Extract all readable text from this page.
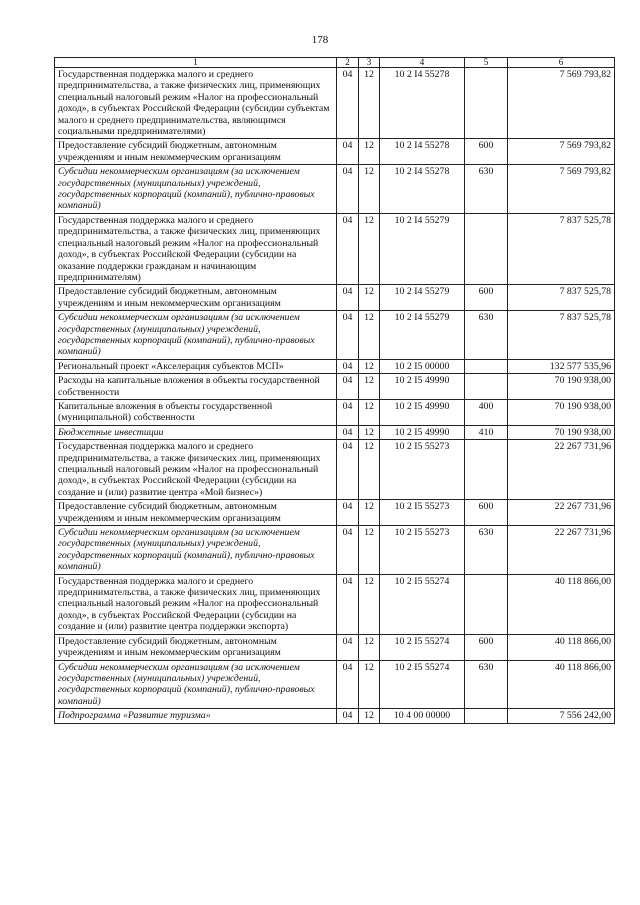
178
1	2	3	4	5	6
Государственная поддержка малого и среднего предпринимательства, а также физических лиц, применяющих специальный налоговый режим «Налог на профессиональный доход», в субъектах Российской Федерации (субсидии субъектам малого и среднего предпринимательства, являющимся социальными предпринимателями)	04	12	10 2 I4 55278		7 569 793,82
Предоставление субсидий бюджетным, автономным учреждениям и иным некоммерческим организациям	04	12	10 2 I4 55278	600	7 569 793,82
Субсидии некоммерческим организациям (за исключением государственных (муниципальных) учреждений, государственных корпораций (компаний), публично-правовых компаний)	04	12	10 2 I4 55278	630	7 569 793,82
Государственная поддержка малого и среднего предпринимательства, а также физических лиц, применяющих специальный налоговый режим «Налог на профессиональный доход», в субъектах Российской Федерации (субсидии на оказание поддержки гражданам и начинающим предпринимателям)	04	12	10 2 I4 55279		7 837 525,78
Предоставление субсидий бюджетным, автономным учреждениям и иным некоммерческим организациям	04	12	10 2 I4 55279	600	7 837 525,78
Субсидии некоммерческим организациям (за исключением государственных (муниципальных) учреждений, государственных корпораций (компаний), публично-правовых компаний)	04	12	10 2 I4 55279	630	7 837 525,78
Региональный проект «Акселерация субъектов МСП»	04	12	10 2 I5 00000		132 577 535,96
Расходы на капитальные вложения в объекты государственной собственности	04	12	10 2 I5 49990		70 190 938,00
Капитальные вложения в объекты государственной (муниципальной) собственности	04	12	10 2 I5 49990	400	70 190 938,00
Бюджетные инвестиции	04	12	10 2 I5 49990	410	70 190 938,00
Государственная поддержка малого и среднего предпринимательства, а также физических лиц, применяющих специальный налоговый режим «Налог на профессиональный доход», в субъектах Российской Федерации (субсидии на создание и (или) развитие центра «Мой бизнес»)	04	12	10 2 I5 55273		22 267 731,96
Предоставление субсидий бюджетным, автономным учреждениям и иным некоммерческим организациям	04	12	10 2 I5 55273	600	22 267 731,96
Субсидии некоммерческим организациям (за исключением государственных (муниципальных) учреждений, государственных корпораций (компаний), публично-правовых компаний)	04	12	10 2 I5 55273	630	22 267 731,96
Государственная поддержка малого и среднего предпринимательства, а также физических лиц, применяющих специальный налоговый режим «Налог на профессиональный доход», в субъектах Российской Федерации (субсидии на создание и (или) развитие центра поддержки экспорта)	04	12	10 2 I5 55274		40 118 866,00
Предоставление субсидий бюджетным, автономным учреждениям и иным некоммерческим организациям	04	12	10 2 I5 55274	600	40 118 866,00
Субсидии некоммерческим организациям (за исключением государственных (муниципальных) учреждений, государственных корпораций (компаний), публично-правовых компаний)	04	12	10 2 I5 55274	630	40 118 866,00
Подпрограмма «Развитие туризма»	04	12	10 4 00 00000		7 556 242,00
